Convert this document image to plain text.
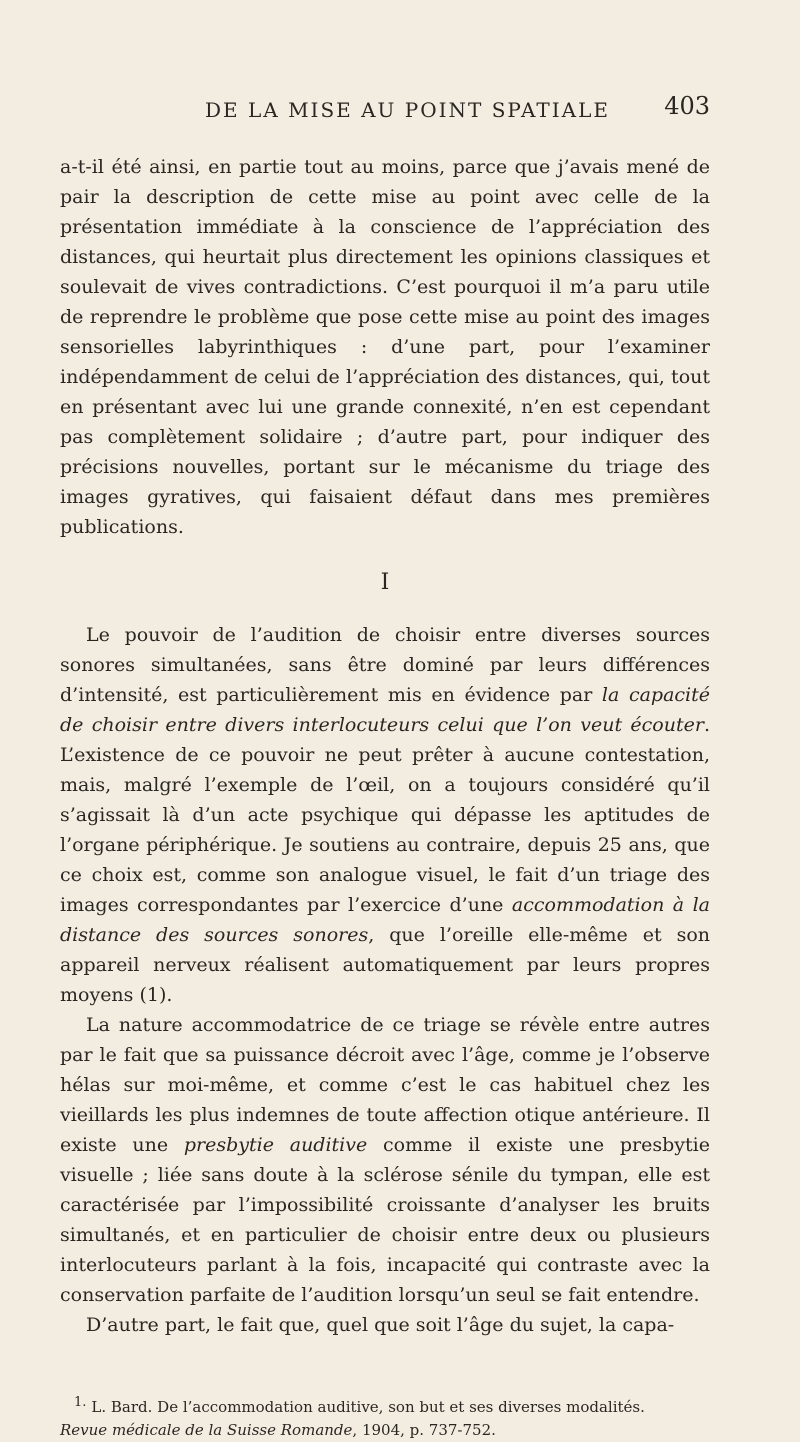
DE LA MISE AU POINT SPATIALE 403

a-t-il été ainsi, en partie tout au moins, parce que j’avais mené de pair la description de cette mise au point avec celle de la présentation immédiate à la conscience de l’appréciation des distances, qui heurtait plus directement les opinions classiques et soulevait de vives contradictions. C’est pourquoi il m’a paru utile de reprendre le problème que pose cette mise au point des images sensorielles labyrinthiques : d’une part, pour l’examiner indépendamment de celui de l’appréciation des distances, qui, tout en présentant avec lui une grande connexité, n’en est cependant pas complètement solidaire ; d’autre part, pour indiquer des précisions nouvelles, portant sur le mécanisme du triage des images gyratives, qui faisaient défaut dans mes premières publications.

I

Le pouvoir de l’audition de choisir entre diverses sources sonores simultanées, sans être dominé par leurs différences d’intensité, est particulièrement mis en évidence par la capacité de choisir entre divers interlocuteurs celui que l’on veut écouter. L’existence de ce pouvoir ne peut prêter à aucune contestation, mais, malgré l’exemple de l’œil, on a toujours considéré qu’il s’agissait là d’un acte psychique qui dépasse les aptitudes de l’organe périphérique. Je soutiens au contraire, depuis 25 ans, que ce choix est, comme son analogue visuel, le fait d’un triage des images correspondantes par l’exercice d’une accommodation à la distance des sources sonores, que l’oreille elle-même et son appareil nerveux réalisent automatiquement par leurs propres moyens (1).

La nature accommodatrice de ce triage se révèle entre autres par le fait que sa puissance décroit avec l’âge, comme je l’observe hélas sur moi-même, et comme c’est le cas habituel chez les vieillards les plus indemnes de toute affection otique antérieure. Il existe une presbytie auditive comme il existe une presbytie visuelle ; liée sans doute à la sclérose sénile du tympan, elle est caractérisée par l’impossibilité croissante d’analyser les bruits simultanés, et en particulier de choisir entre deux ou plusieurs interlocuteurs parlant à la fois, incapacité qui contraste avec la conservation parfaite de l’audition lorsqu’un seul se fait entendre.

D’autre part, le fait que, quel que soit l’âge du sujet, la capa-

1. L. Bard. De l’accommodation auditive, son but et ses diverses modalités.
Revue médicale de la Suisse Romande, 1904, p. 737-752.
